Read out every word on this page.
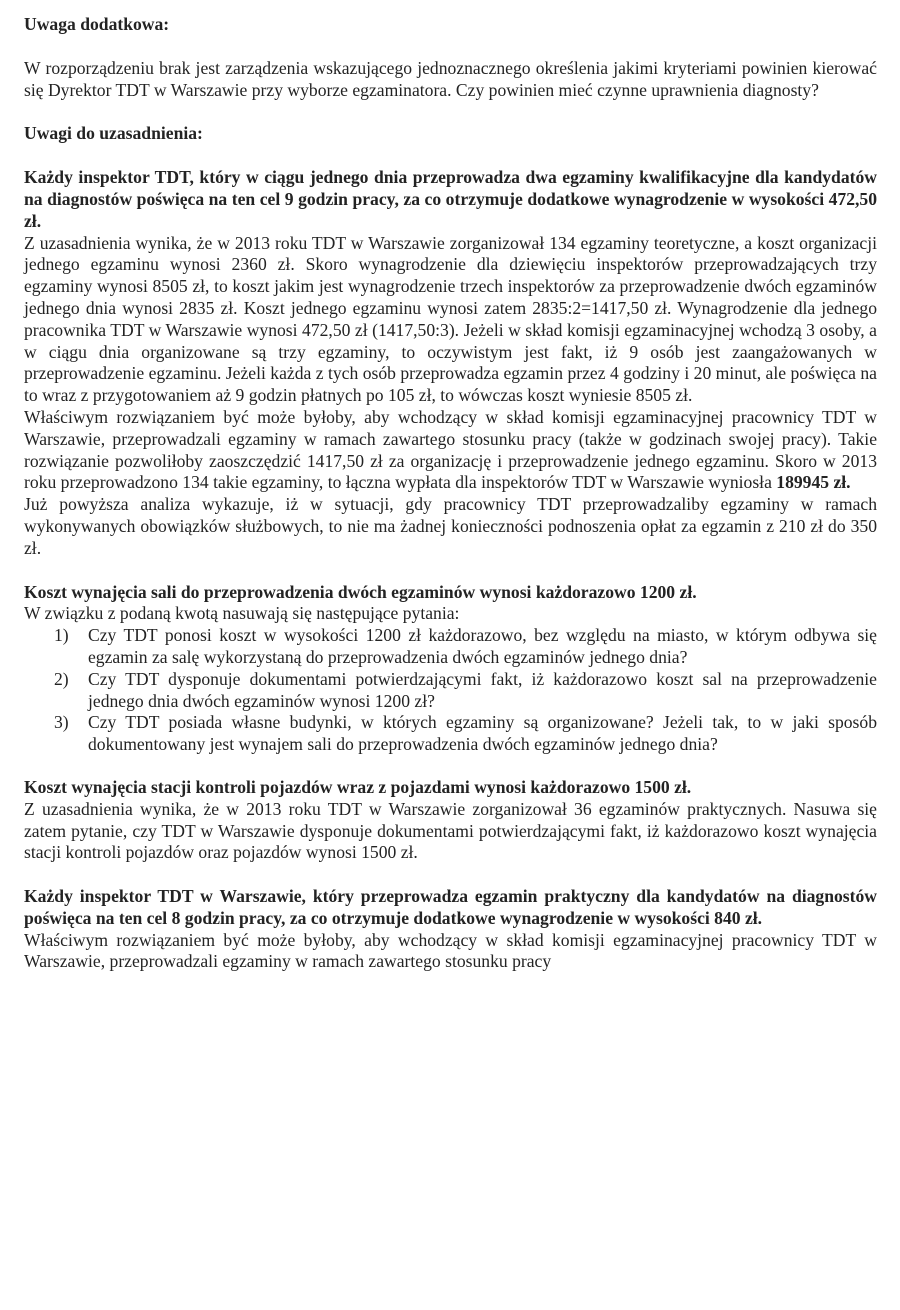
Uwaga dodatkowa:

W rozporządzeniu brak jest zarządzenia wskazującego jednoznacznego określenia jakimi kryteriami powinien kierować się Dyrektor TDT w Warszawie przy wyborze egzaminatora. Czy powinien mieć czynne uprawnienia diagnosty?

Uwagi do uzasadnienia:

Każdy inspektor TDT, który w ciągu jednego dnia przeprowadza dwa egzaminy kwalifikacyjne dla kandydatów na diagnostów poświęca na ten cel 9 godzin pracy, za co otrzymuje dodatkowe wynagrodzenie w wysokości 472,50 zł.

Z uzasadnienia wynika, że w 2013 roku TDT w Warszawie zorganizował 134 egzaminy teoretyczne, a koszt organizacji jednego egzaminu wynosi 2360 zł. Skoro wynagrodzenie dla dziewięciu inspektorów przeprowadzających trzy egzaminy wynosi 8505 zł, to koszt jakim jest wynagrodzenie trzech inspektorów za przeprowadzenie dwóch egzaminów jednego dnia wynosi 2835 zł. Koszt jednego egzaminu wynosi zatem 2835:2=1417,50 zł. Wynagrodzenie dla jednego pracownika TDT w Warszawie wynosi 472,50 zł (1417,50:3). Jeżeli w skład komisji egzaminacyjnej wchodzą 3 osoby, a w ciągu dnia organizowane są trzy egzaminy, to oczywistym jest fakt, iż 9 osób jest zaangażowanych w przeprowadzenie egzaminu. Jeżeli każda z tych osób przeprowadza egzamin przez 4 godziny i 20 minut, ale poświęca na to wraz z przygotowaniem aż 9 godzin płatnych po 105 zł, to wówczas koszt wyniesie 8505 zł.

Właściwym rozwiązaniem być może byłoby, aby wchodzący w skład komisji egzaminacyjnej pracownicy TDT w Warszawie, przeprowadzali egzaminy w ramach zawartego stosunku pracy (także w godzinach swojej pracy). Takie rozwiązanie pozwoliłoby zaoszczędzić 1417,50 zł za organizację i przeprowadzenie jednego egzaminu. Skoro w 2013 roku przeprowadzono 134 takie egzaminy, to łączna wypłata dla inspektorów TDT w Warszawie wyniosła 189945 zł.

Już powyższa analiza wykazuje, iż w sytuacji, gdy pracownicy TDT przeprowadzaliby egzaminy w ramach wykonywanych obowiązków służbowych, to nie ma żadnej konieczności podnoszenia opłat za egzamin z 210 zł do 350 zł.

Koszt wynajęcia sali do przeprowadzenia dwóch egzaminów wynosi każdorazowo 1200 zł.

W związku z podaną kwotą nasuwają się następujące pytania:

1) Czy TDT ponosi koszt w wysokości 1200 zł każdorazowo, bez względu na miasto, w którym odbywa się egzamin za salę wykorzystaną do przeprowadzenia dwóch egzaminów jednego dnia?
2) Czy TDT dysponuje dokumentami potwierdzającymi fakt, iż każdorazowo koszt sal na przeprowadzenie jednego dnia dwóch egzaminów wynosi 1200 zł?
3) Czy TDT posiada własne budynki, w których egzaminy są organizowane? Jeżeli tak, to w jaki sposób dokumentowany jest wynajem sali do przeprowadzenia dwóch egzaminów jednego dnia?

Koszt wynajęcia stacji kontroli pojazdów wraz z pojazdami wynosi każdorazowo 1500 zł.

Z uzasadnienia wynika, że w 2013 roku TDT w Warszawie zorganizował 36 egzaminów praktycznych. Nasuwa się zatem pytanie, czy TDT w Warszawie dysponuje dokumentami potwierdzającymi fakt, iż każdorazowo koszt wynajęcia stacji kontroli pojazdów oraz pojazdów wynosi 1500 zł.

Każdy inspektor TDT w Warszawie, który przeprowadza egzamin praktyczny dla kandydatów na diagnostów poświęca na ten cel 8 godzin pracy, za co otrzymuje dodatkowe wynagrodzenie w wysokości 840 zł.

Właściwym rozwiązaniem być może byłoby, aby wchodzący w skład komisji egzaminacyjnej pracownicy TDT w Warszawie, przeprowadzali egzaminy w ramach zawartego stosunku pracy
